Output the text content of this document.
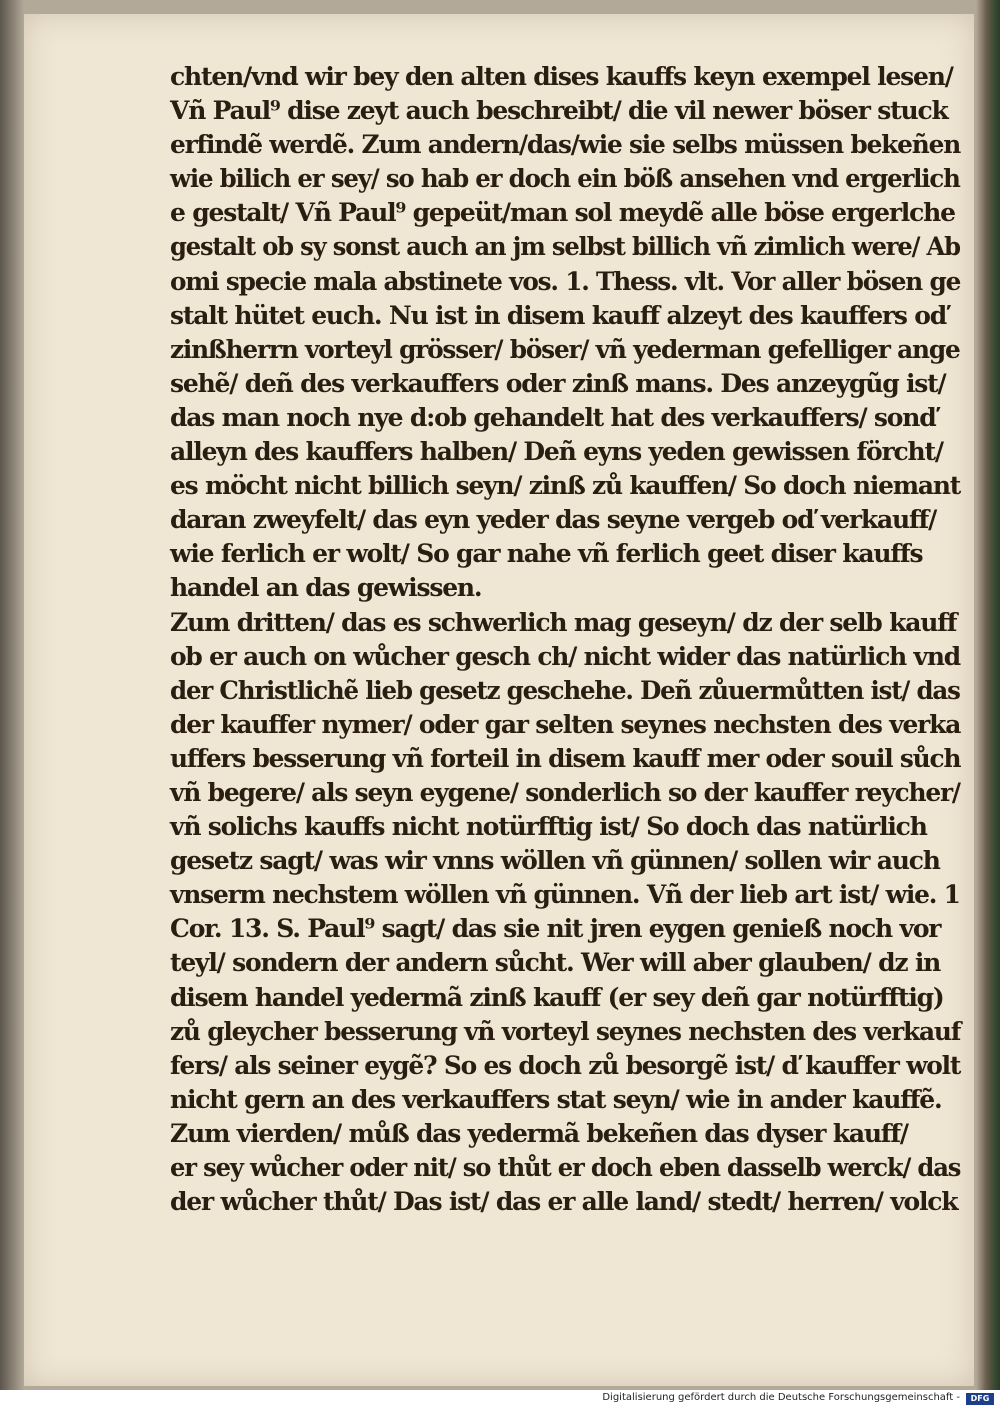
chten/vnd wir bey den alten dises kauffs keyn exempel lesen/
Vñ Paul⁹ dise zeyt auch beschreibt/ die vil newer böser stuck
erfindẽ werdẽ. Zum andern/das/wie sie selbs müssen bekeñen
wie bilich er sey/ so hab er doch ein böß ansehen vnd ergerlich
e gestalt/ Vñ Paul⁹ gepeüt/man sol meydẽ alle böse ergerlche
gestalt ob sy sonst auch an jm selbst billich vñ zimlich were/ Ab
omi specie mala abstinete vos. 1. Thess. vlt. Vor aller bösen ge
stalt hütet euch. Nu ist in disem kauff alzeyt des kauffers oď
zinßherrn vorteyl grösser/ böser/ vñ yederman gefelliger ange
sehẽ/ deñ des verkauffers oder zinß mans. Des anzeygũg ist/
das man noch nye d:ob gehandelt hat des verkauffers/ sonď
alleyn des kauffers halben/ Deñ eyns yeden gewissen förcht/
es möcht nicht billich seyn/ zinß zů kauffen/ So doch niemant
daran zweyfelt/ das eyn yeder das seyne vergeb oď verkauff/
wie ferlich er wolt/ So gar nahe vñ ferlich geet diser kauffs
handel an das gewissen.
Zum dritten/ das es schwerlich mag geseyn/ dz der selb kauff
ob er auch on wůcher gesch ch/ nicht wider das natürlich vnd
der Christlichẽ lieb gesetz geschehe. Deñ zůuermůtten ist/ das
der kauffer nymer/ oder gar selten seynes nechsten des verka
uffers besserung vñ forteil in disem kauff mer oder souil sůch
vñ begere/ als seyn eygene/ sonderlich so der kauffer reycher/
vñ solichs kauffs nicht notürfftig ist/ So doch das natürlich
gesetz sagt/ was wir vnns wöllen vñ günnen/ sollen wir auch
vnserm nechstem wöllen vñ günnen. Vñ der lieb art ist/ wie. 1
Cor. 13. S. Paul⁹ sagt/ das sie nit jren eygen genieß noch vor
teyl/ sondern der andern sůcht. Wer will aber glauben/ dz in
disem handel yedermã zinß kauff (er sey deñ gar notürfftig)
zů gleycher besserung vñ vorteyl seynes nechsten des verkauf
fers/ als seiner eygẽ? So es doch zů besorgẽ ist/ ď kauffer wolt
nicht gern an des verkauffers stat seyn/ wie in ander kauffẽ.
Zum vierden/ můß das yedermã bekeñen das dyser kauff/
er sey wůcher oder nit/ so thůt er doch eben dasselb werck/ das
der wůcher thůt/ Das ist/ das er alle land/ stedt/ herren/ volck
Digitalisierung gefördert durch die Deutsche Forschungsgemeinschaft -	DFG
